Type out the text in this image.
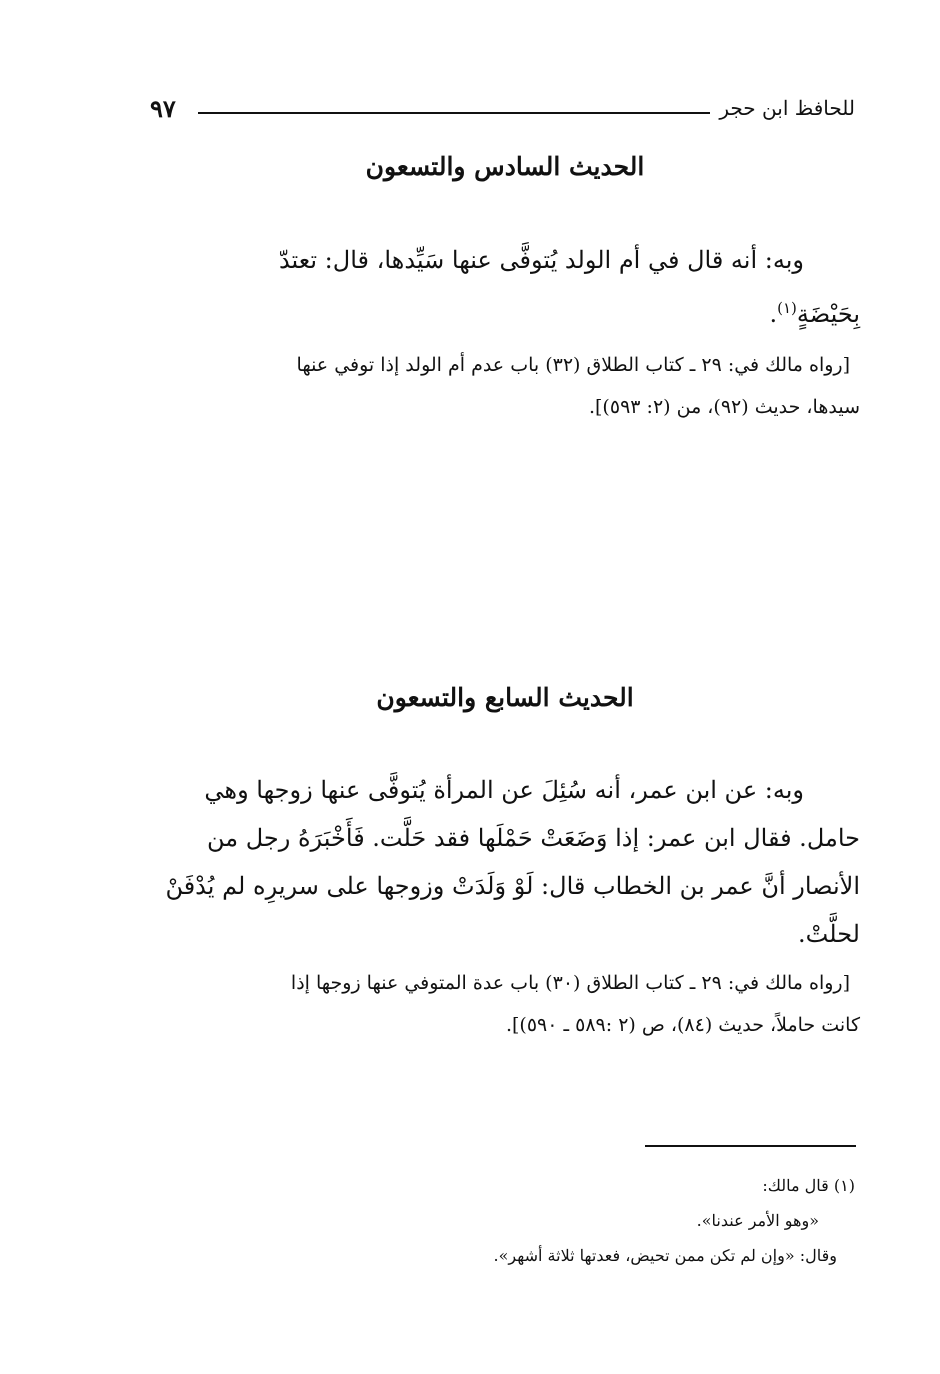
٩٧	للحافظ ابن حجر
الحديث السادس والتسعون
وبه: أنه قال في أم الولد يُتوفَّى عنها سَيِّدها، قال: تعتدّ
بِحَيْضَةٍ$^{(١)}$.
[رواه مالك في: ٢٩ ـ كتاب الطلاق (٣٢) باب عدم أم الولد إذا توفي عنها
سيدها، حديث (٩٢)، من (٢: ٥٩٣)].
الحديث السابع والتسعون
وبه: عن ابن عمر، أنه سُئِلَ عن المرأة يُتوفَّى عنها زوجها وهي
حامل. فقال ابن عمر: إذا وَضَعَتْ حَمْلَها فقد حَلَّت. فَأَخْبَرَهُ رجل من
الأنصار أنَّ عمر بن الخطاب قال: لَوْ وَلَدَتْ وزوجها على سريرِه لم يُدْفَنْ
لحلَّتْ.
[رواه مالك في: ٢٩ ـ كتاب الطلاق (٣٠) باب عدة المتوفي عنها زوجها إذا
كانت حاملاً، حديث (٨٤)، ص (٢ :٥٨٩ ـ ٥٩٠)].
(١) قال مالك:
«وهو الأمر عندنا».
وقال: «وإن لم تكن ممن تحيض، فعدتها ثلاثة أشهر».
